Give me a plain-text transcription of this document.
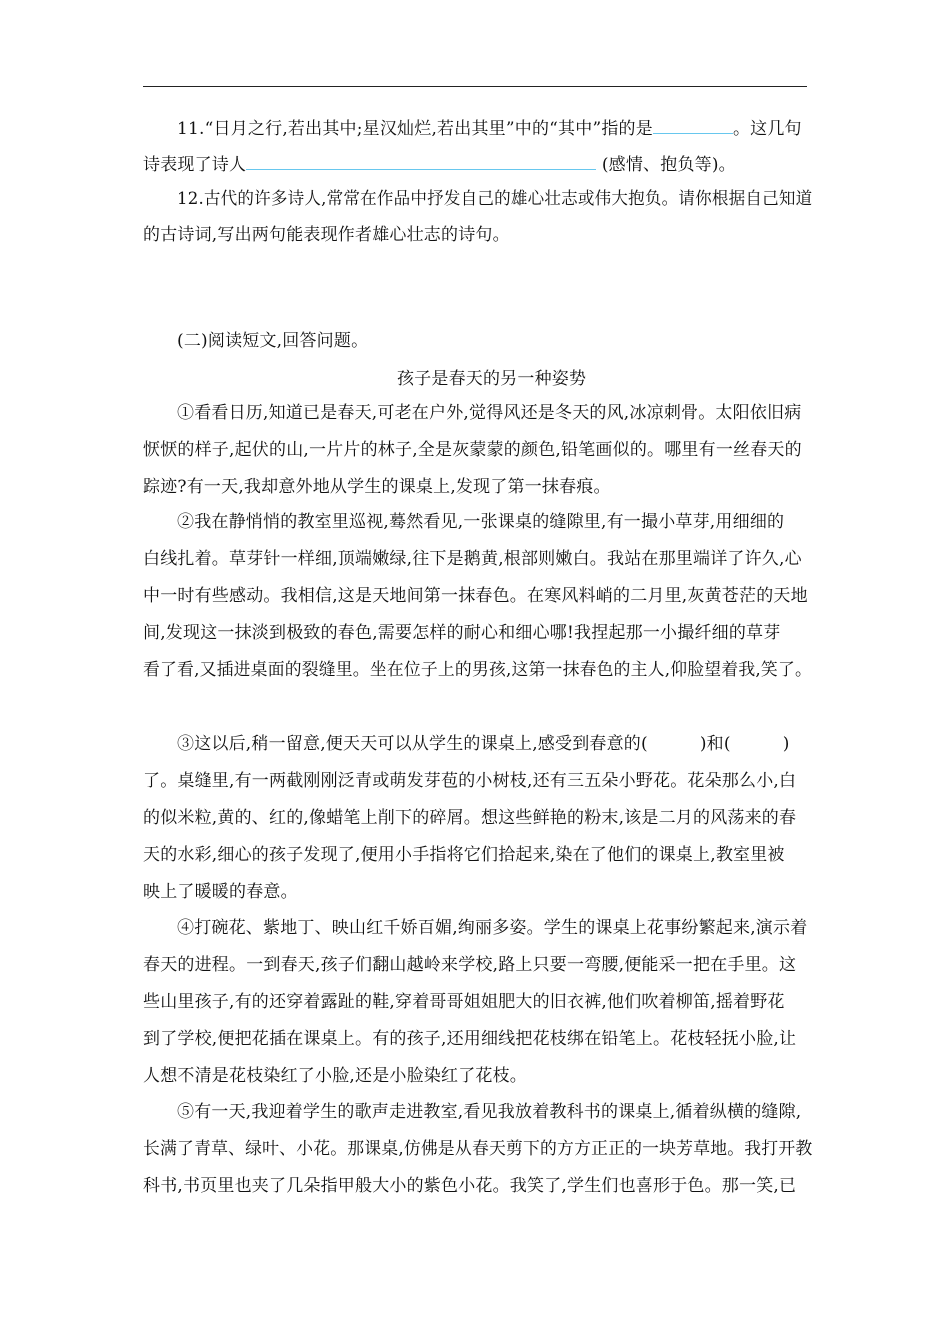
11.“日月之行,若出其中;星汉灿烂,若出其里”中的“其中”指的是	。这几句
诗表现了诗人	(感情、抱负等)。
12.古代的许多诗人,常常在作品中抒发自己的雄心壮志或伟大抱负。请你根据自己知道
的古诗词,写出两句能表现作者雄心壮志的诗句。
(二)阅读短文,回答问题。
孩子是春天的另一种姿势
①看看日历,知道已是春天,可老在户外,觉得风还是冬天的风,冰凉刺骨。太阳依旧病
恹恹的样子,起伏的山,一片片的林子,全是灰蒙蒙的颜色,铅笔画似的。哪里有一丝春天的
踪迹?有一天,我却意外地从学生的课桌上,发现了第一抹春痕。
②我在静悄悄的教室里巡视,蓦然看见,一张课桌的缝隙里,有一撮小草芽,用细细的
白线扎着。草芽针一样细,顶端嫩绿,往下是鹅黄,根部则嫩白。我站在那里端详了许久,心
中一时有些感动。我相信,这是天地间第一抹春色。在寒风料峭的二月里,灰黄苍茫的天地
间,发现这一抹淡到极致的春色,需要怎样的耐心和细心哪!我捏起那一小撮纤细的草芽
看了看,又插进桌面的裂缝里。坐在位子上的男孩,这第一抹春色的主人,仰脸望着我,笑了。
③这以后,稍一留意,便天天可以从学生的课桌上,感受到春意的(	)和(	)
了。桌缝里,有一两截刚刚泛青或萌发芽苞的小树枝,还有三五朵小野花。花朵那么小,白
的似米粒,黄的、红的,像蜡笔上削下的碎屑。想这些鲜艳的粉末,该是二月的风荡来的春
天的水彩,细心的孩子发现了,便用小手指将它们拾起来,染在了他们的课桌上,教室里被
映上了暖暖的春意。
④打碗花、紫地丁、映山红千娇百媚,绚丽多姿。学生的课桌上花事纷繁起来,演示着
春天的进程。一到春天,孩子们翻山越岭来学校,路上只要一弯腰,便能采一把在手里。这
些山里孩子,有的还穿着露趾的鞋,穿着哥哥姐姐肥大的旧衣裤,他们吹着柳笛,摇着野花
到了学校,便把花插在课桌上。有的孩子,还用细线把花枝绑在铅笔上。花枝轻抚小脸,让
人想不清是花枝染红了小脸,还是小脸染红了花枝。
⑤有一天,我迎着学生的歌声走进教室,看见我放着教科书的课桌上,循着纵横的缝隙,
长满了青草、绿叶、小花。那课桌,仿佛是从春天剪下的方方正正的一块芳草地。我打开教
科书,书页里也夹了几朵指甲般大小的紫色小花。我笑了,学生们也喜形于色。那一笑,已
